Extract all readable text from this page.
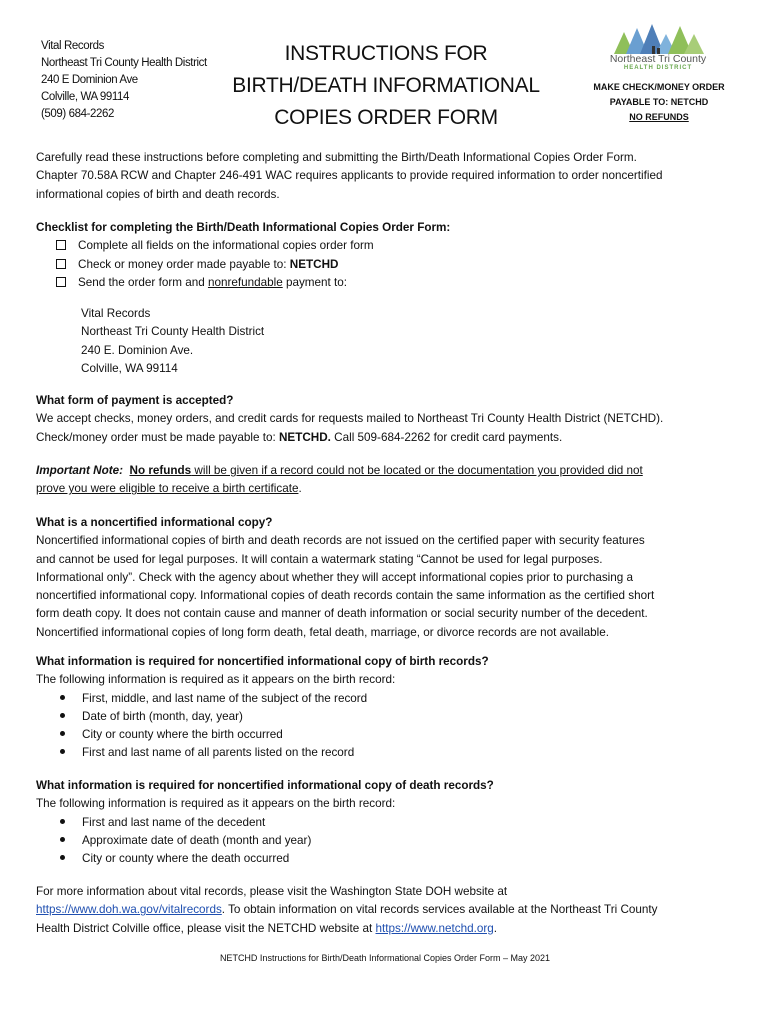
Vital Records
Northeast Tri County Health District
240 E Dominion Ave
Colville, WA 99114
(509) 684-2262
INSTRUCTIONS FOR
BIRTH/DEATH INFORMATIONAL
COPIES ORDER FORM
Northeast Tri County
HEALTH DISTRICT
MAKE CHECK/MONEY ORDER
PAYABLE TO: NETCHD
NO REFUNDS
Carefully read these instructions before completing and submitting the Birth/Death Informational Copies Order Form.
Chapter 70.58A RCW and Chapter 246-491 WAC requires applicants to provide required information to order noncertified
informational copies of birth and death records.
Checklist for completing the Birth/Death Informational Copies Order Form:
Complete all fields on the informational copies order form
Check or money order made payable to: NETCHD
Send the order form and nonrefundable payment to:
Vital Records
Northeast Tri County Health District
240 E. Dominion Ave.
Colville, WA 99114
What form of payment is accepted?
We accept checks, money orders, and credit cards for requests mailed to Northeast Tri County Health District (NETCHD).
Check/money order must be made payable to: NETCHD. Call 509-684-2262 for credit card payments.
Important Note: No refunds will be given if a record could not be located or the documentation you provided did not
prove you were eligible to receive a birth certificate.
What is a noncertified informational copy?
Noncertified informational copies of birth and death records are not issued on the certified paper with security features
and cannot be used for legal purposes. It will contain a watermark stating “Cannot be used for legal purposes.
Informational only”. Check with the agency about whether they will accept informational copies prior to purchasing a
noncertified informational copy. Informational copies of death records contain the same information as the certified short
form death copy. It does not contain cause and manner of death information or social security number of the decedent.
Noncertified informational copies of long form death, fetal death, marriage, or divorce records are not available.
What information is required for noncertified informational copy of birth records?
The following information is required as it appears on the birth record:
First, middle, and last name of the subject of the record
Date of birth (month, day, year)
City or county where the birth occurred
First and last name of all parents listed on the record
What information is required for noncertified informational copy of death records?
The following information is required as it appears on the birth record:
First and last name of the decedent
Approximate date of death (month and year)
City or county where the death occurred
For more information about vital records, please visit the Washington State DOH website at
https://www.doh.wa.gov/vitalrecords. To obtain information on vital records services available at the Northeast Tri County
Health District Colville office, please visit the NETCHD website at https://www.netchd.org.
NETCHD Instructions for Birth/Death Informational Copies Order Form – May 2021
